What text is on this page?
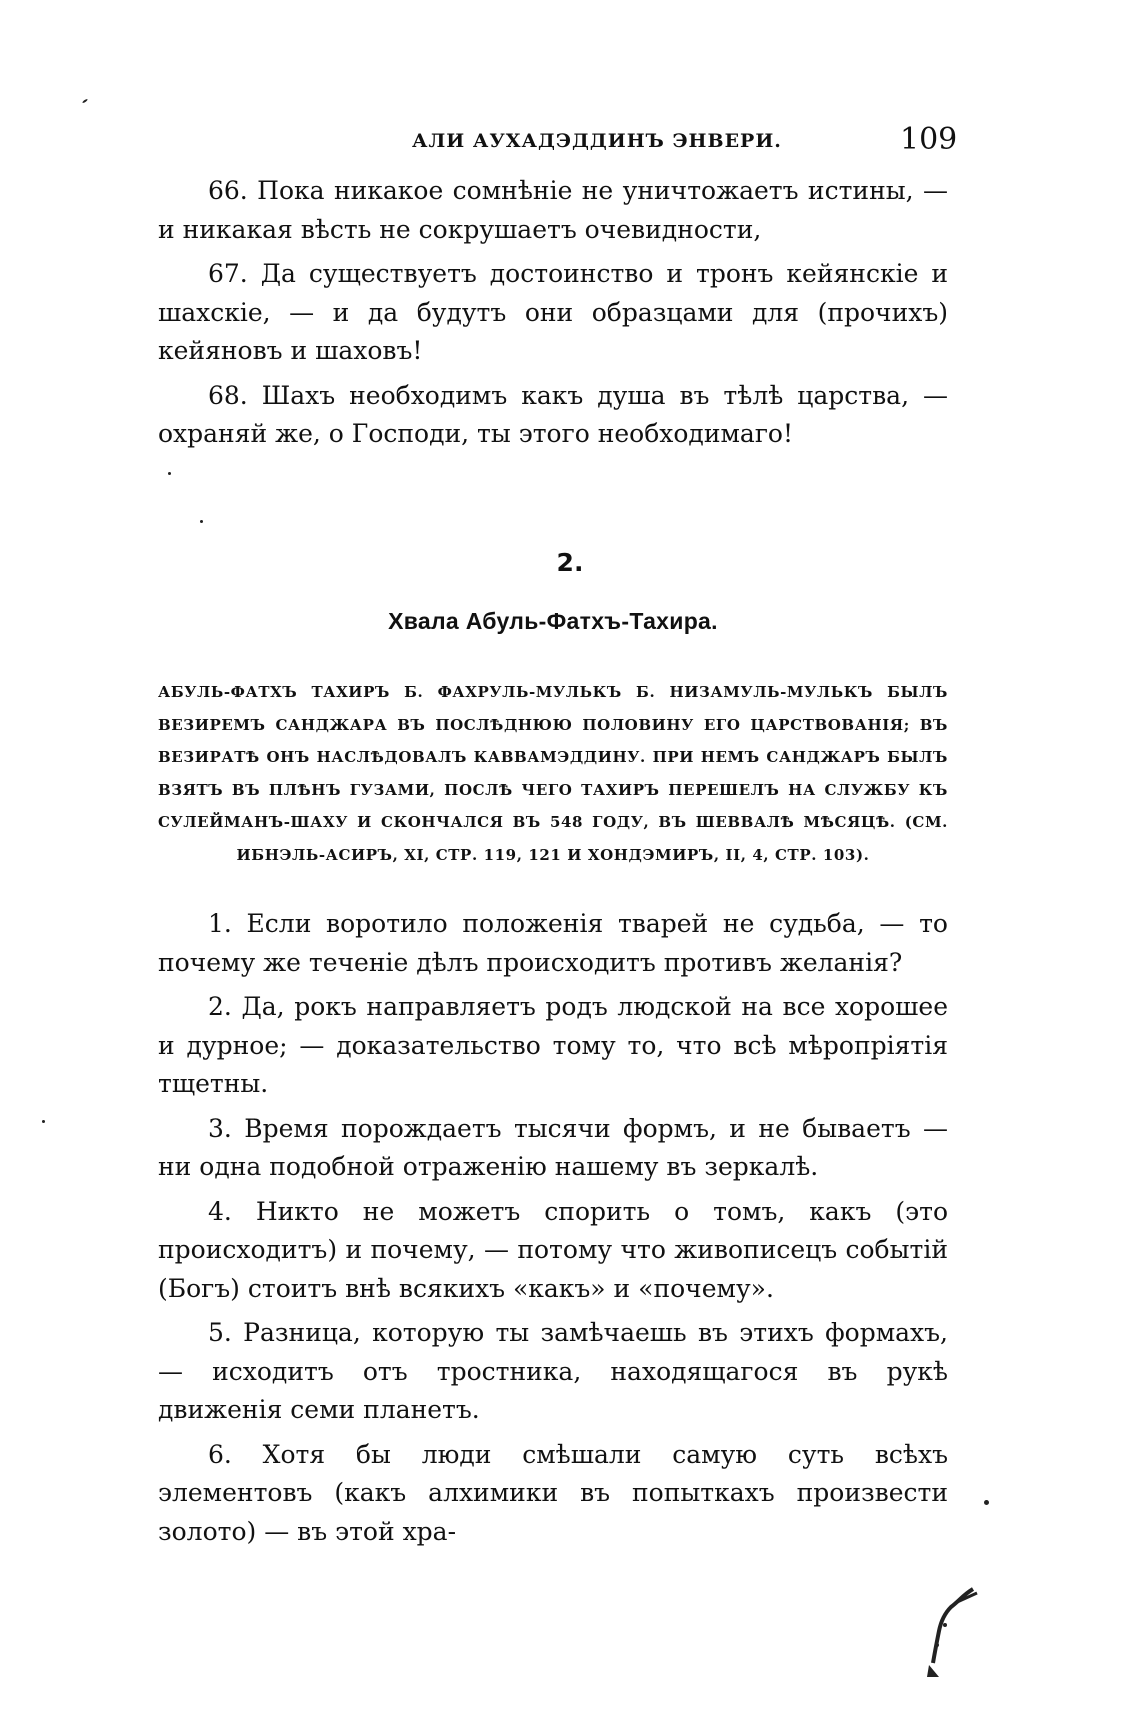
АЛИ АУХАДЭДДИНЪ ЭНВЕРИ.	109

66. Пока никакое сомнѣніе не уничтожаетъ истины, — и никакая вѣсть не сокрушаетъ очевидности,

67. Да существуетъ достоинство и тронъ кейянскіе и шахскіе, — и да будутъ они образцами для (прочихъ) кейяновъ и шаховъ!

68. Шахъ необходимъ какъ душа въ тѣлѣ царства, — охраняй же, о Господи, ты этого необходимаго!

2.
Хвала Абуль-Фатхъ-Тахира.

АБУЛЬ-ФАТХЪ ТАХИРЪ Б. ФАХРУЛЬ-МУЛЬКЪ Б. НИЗАМУЛЬ-МУЛЬКЪ БЫЛЪ ВЕЗИРЕМЪ САНДЖАРА ВЪ ПОСЛѢДНЮЮ ПОЛОВИНУ ЕГО ЦАРСТВОВАНІЯ; ВЪ ВЕЗИРАТѢ ОНЪ НАСЛѢДОВАЛЪ КАВВАМЭДДИНУ. ПРИ НЕМЪ САНДЖАРЪ БЫЛЪ ВЗЯТЪ ВЪ ПЛѢНЪ ГУЗАМИ, ПОСЛѢ ЧЕГО ТАХИРЪ ПЕРЕШЕЛЪ НА СЛУЖБУ КЪ СУЛЕЙМАНЪ-ШАХУ И СКОНЧАЛСЯ ВЪ 548 ГОДУ, ВЪ ШЕВВАЛѢ МѢСЯЦѢ. (СМ. ИБНЭЛЬ-АСИРЪ, XI, СТР. 119, 121 И ХОНДЭМИРЪ, II, 4, СТР. 103).

1. Если воротило положенія тварей не судьба, — то почему же теченіе дѣлъ происходитъ противъ желанія?

2. Да, рокъ направляетъ родъ людской на все хорошее и дурное; — доказательство тому то, что всѣ мѣропріятія тщетны.

3. Время порождаетъ тысячи формъ, и не бываетъ — ни одна подобной отраженію нашему въ зеркалѣ.

4. Никто не можетъ спорить о томъ, какъ (это происходитъ) и почему, — потому что живописецъ событій (Богъ) стоитъ внѣ всякихъ «какъ» и «почему».

5. Разница, которую ты замѣчаешь въ этихъ формахъ, — исходитъ отъ тростника, находящагося въ рукѣ движенія семи планетъ.

6. Хотя бы люди смѣшали самую суть всѣхъ элементовъ (какъ алхимики въ попыткахъ произвести золото) — въ этой хра-
